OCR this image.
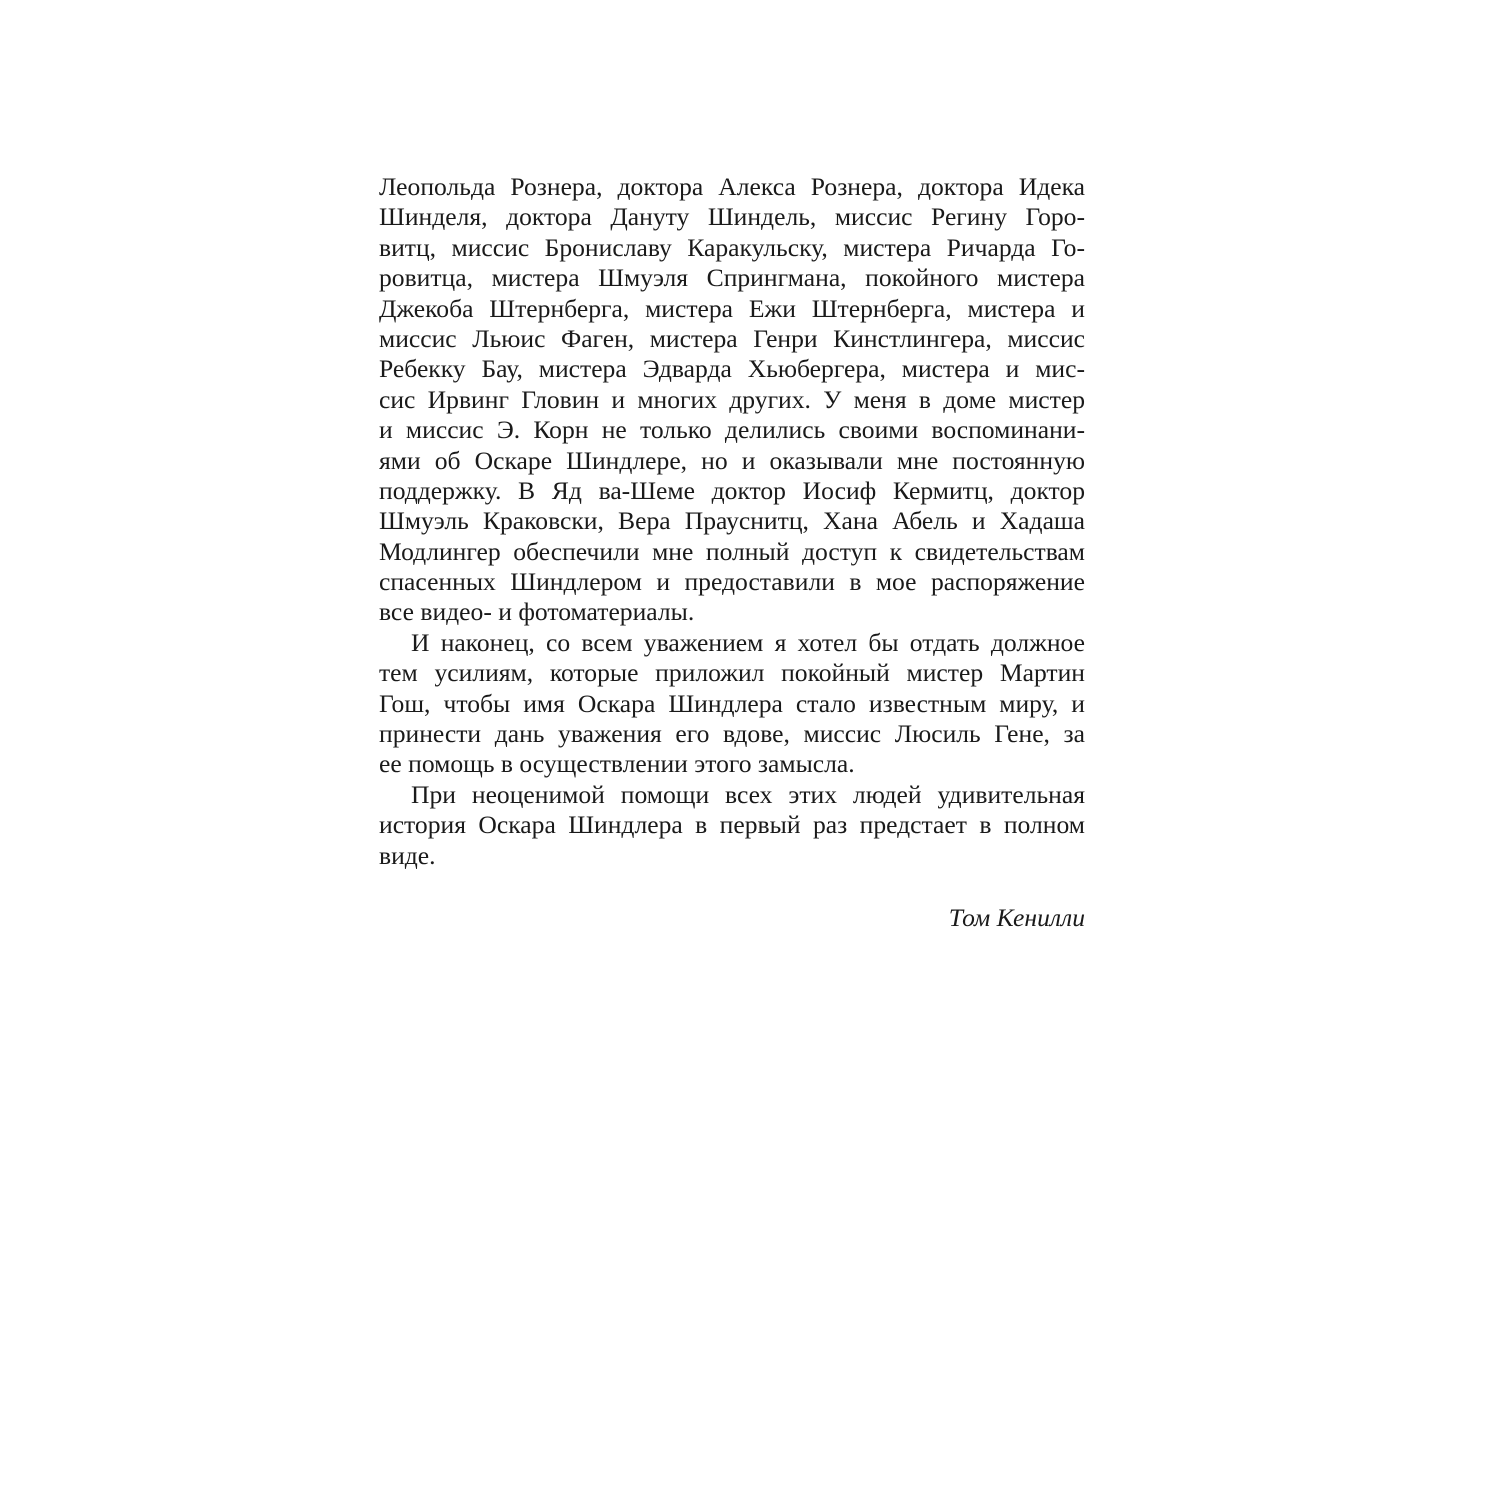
Леопольда Рознера, доктора Алекса Рознера, доктора Идека
Шинделя, доктора Дануту Шиндель, миссис Регину Горо-
витц, миссис Брониславу Каракульску, мистера Ричарда Го-
ровитца, мистера Шмуэля Спрингмана, покойного мистера
Джекоба Штернберга, мистера Ежи Штернберга, мистера и
миссис Льюис Фаген, мистера Генри Кинстлингера, миссис
Ребекку Бау, мистера Эдварда Хьюбергера, мистера и мис-
сис Ирвинг Гловин и многих других. У меня в доме мистер
и миссис Э. Корн не только делились своими воспоминани-
ями об Оскаре Шиндлере, но и оказывали мне постоянную
поддержку. В Яд ва-Шеме доктор Иосиф Кермитц, доктор
Шмуэль Краковски, Вера Прауснитц, Хана Абель и Хадаша
Модлингер обеспечили мне полный доступ к свидетельствам
спасенных Шиндлером и предоставили в мое распоряжение
все видео- и фотоматериалы.
И наконец, со всем уважением я хотел бы отдать должное
тем усилиям, которые приложил покойный мистер Мартин
Гош, чтобы имя Оскара Шиндлера стало известным миру, и
принести дань уважения его вдове, миссис Люсиль Гене, за
ее помощь в осуществлении этого замысла.
При неоценимой помощи всех этих людей удивительная
история Оскара Шиндлера в первый раз предстает в полном
виде.
Том Кенилли
